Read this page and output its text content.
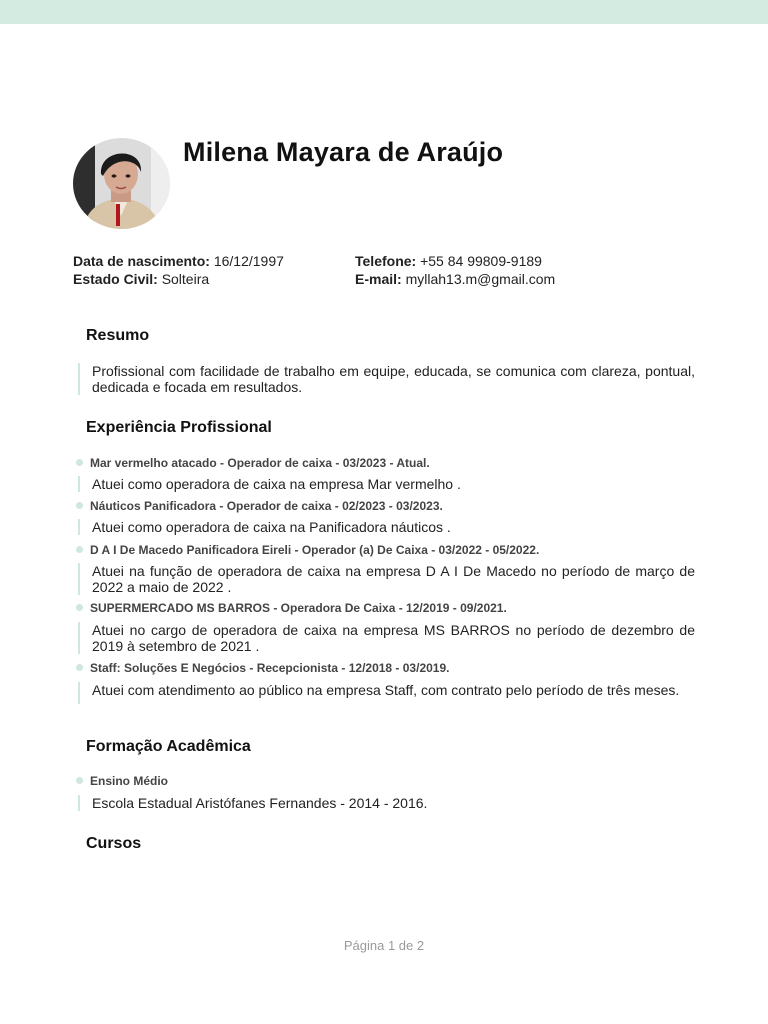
Milena Mayara de Araújo
Data de nascimento: 16/12/1997
Estado Civil: Solteira
Telefone: +55 84 99809-9189
E-mail: myllah13.m@gmail.com
Resumo
Profissional com facilidade de trabalho em equipe, educada, se comunica com clareza, pontual, dedicada e focada em resultados.
Experiência Profissional
Mar vermelho atacado - Operador de caixa - 03/2023 - Atual.
Atuei como operadora de caixa na empresa Mar vermelho .
Náuticos Panificadora - Operador de caixa - 02/2023 - 03/2023.
Atuei como operadora de caixa na Panificadora náuticos .
D A I De Macedo Panificadora Eireli - Operador (a) De Caixa - 03/2022 - 05/2022.
Atuei na função de operadora de caixa na empresa D A I De Macedo no período de março de 2022 a maio de 2022 .
SUPERMERCADO MS BARROS - Operadora De Caixa - 12/2019 - 09/2021.
Atuei no cargo de operadora de caixa na empresa MS BARROS no período de dezembro de 2019 à setembro de 2021 .
Staff: Soluções E Negócios - Recepcionista - 12/2018 - 03/2019.
Atuei com atendimento ao público na empresa Staff, com contrato pelo período de três meses.
Formação Acadêmica
Ensino Médio
Escola Estadual Aristófanes Fernandes - 2014 - 2016.
Cursos
Página 1 de 2
